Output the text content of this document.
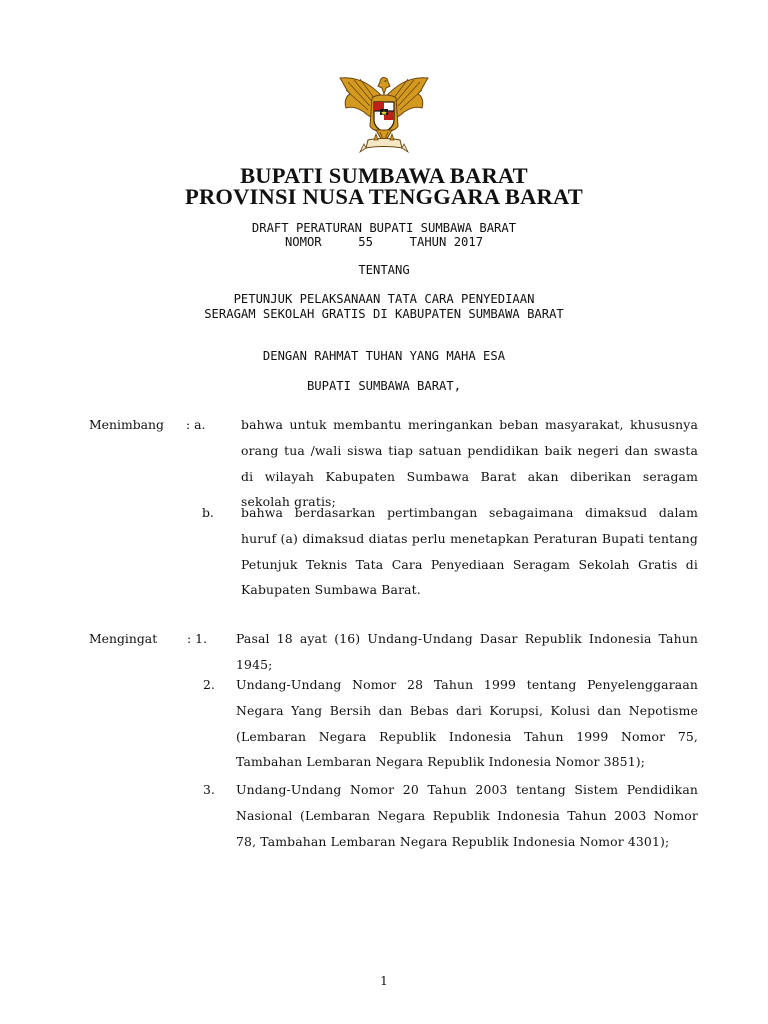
BUPATI SUMBAWA BARAT
PROVINSI NUSA TENGGARA BARAT
DRAFT PERATURAN BUPATI SUMBAWA BARAT
NOMOR     55     TAHUN 2017
TENTANG
PETUNJUK PELAKSANAAN TATA CARA PENYEDIAAN
SERAGAM SEKOLAH GRATIS DI KABUPATEN SUMBAWA BARAT
DENGAN RAHMAT TUHAN YANG MAHA ESA
BUPATI SUMBAWA BARAT,
Menimbang : a.	bahwa untuk membantu meringankan beban masyarakat, khususnya orang tua /wali siswa tiap satuan pendidikan baik negeri dan swasta di wilayah Kabupaten Sumbawa Barat akan diberikan seragam sekolah gratis;
b. bahwa berdasarkan pertimbangan sebagaimana dimaksud dalam huruf (a) dimaksud diatas perlu menetapkan Peraturan Bupati tentang Petunjuk Teknis Tata Cara Penyediaan Seragam Sekolah Gratis di Kabupaten Sumbawa Barat.
Mengingat : 1. Pasal 18 ayat (16) Undang-Undang Dasar Republik Indonesia Tahun 1945;
2. Undang-Undang Nomor 28 Tahun 1999 tentang Penyelenggaraan Negara Yang Bersih dan Bebas dari Korupsi, Kolusi dan Nepotisme (Lembaran Negara Republik Indonesia Tahun 1999 Nomor 75, Tambahan Lembaran Negara Republik Indonesia Nomor 3851);
3. Undang-Undang Nomor 20 Tahun 2003 tentang Sistem Pendidikan Nasional (Lembaran Negara Republik Indonesia Tahun 2003 Nomor 78, Tambahan Lembaran Negara Republik Indonesia Nomor 4301);
1
